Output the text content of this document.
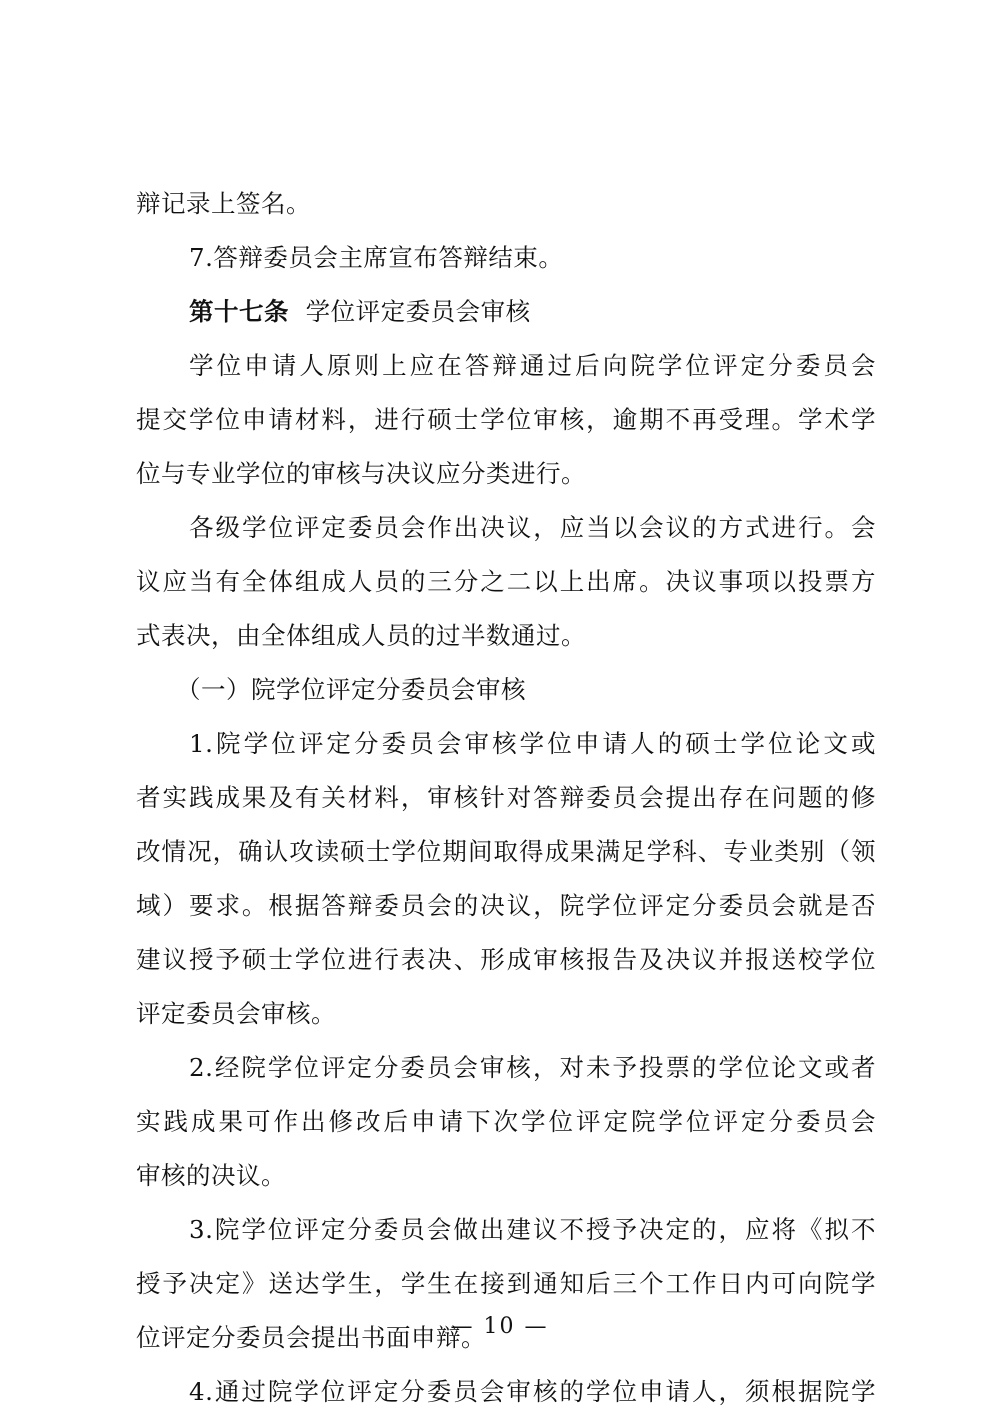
辩记录上签名。
7.答辩委员会主席宣布答辩结束。
第十七条 学位评定委员会审核
学位申请人原则上应在答辩通过后向院学位评定分委员会
提交学位申请材料，进行硕士学位审核，逾期不再受理。学术学
位与专业学位的审核与决议应分类进行。
各级学位评定委员会作出决议，应当以会议的方式进行。会
议应当有全体组成人员的三分之二以上出席。决议事项以投票方
式表决，由全体组成人员的过半数通过。
（一）院学位评定分委员会审核
1.院学位评定分委员会审核学位申请人的硕士学位论文或
者实践成果及有关材料，审核针对答辩委员会提出存在问题的修
改情况，确认攻读硕士学位期间取得成果满足学科、专业类别（领
域）要求。根据答辩委员会的决议，院学位评定分委员会就是否
建议授予硕士学位进行表决、形成审核报告及决议并报送校学位
评定委员会审核。
2.经院学位评定分委员会审核，对未予投票的学位论文或者
实践成果可作出修改后申请下次学位评定院学位评定分委员会
审核的决议。
3.院学位评定分委员会做出建议不授予决定的，应将《拟不
授予决定》送达学生，学生在接到通知后三个工作日内可向院学
位评定分委员会提出书面申辩。
4.通过院学位评定分委员会审核的学位申请人，须根据院学
— 10 —
